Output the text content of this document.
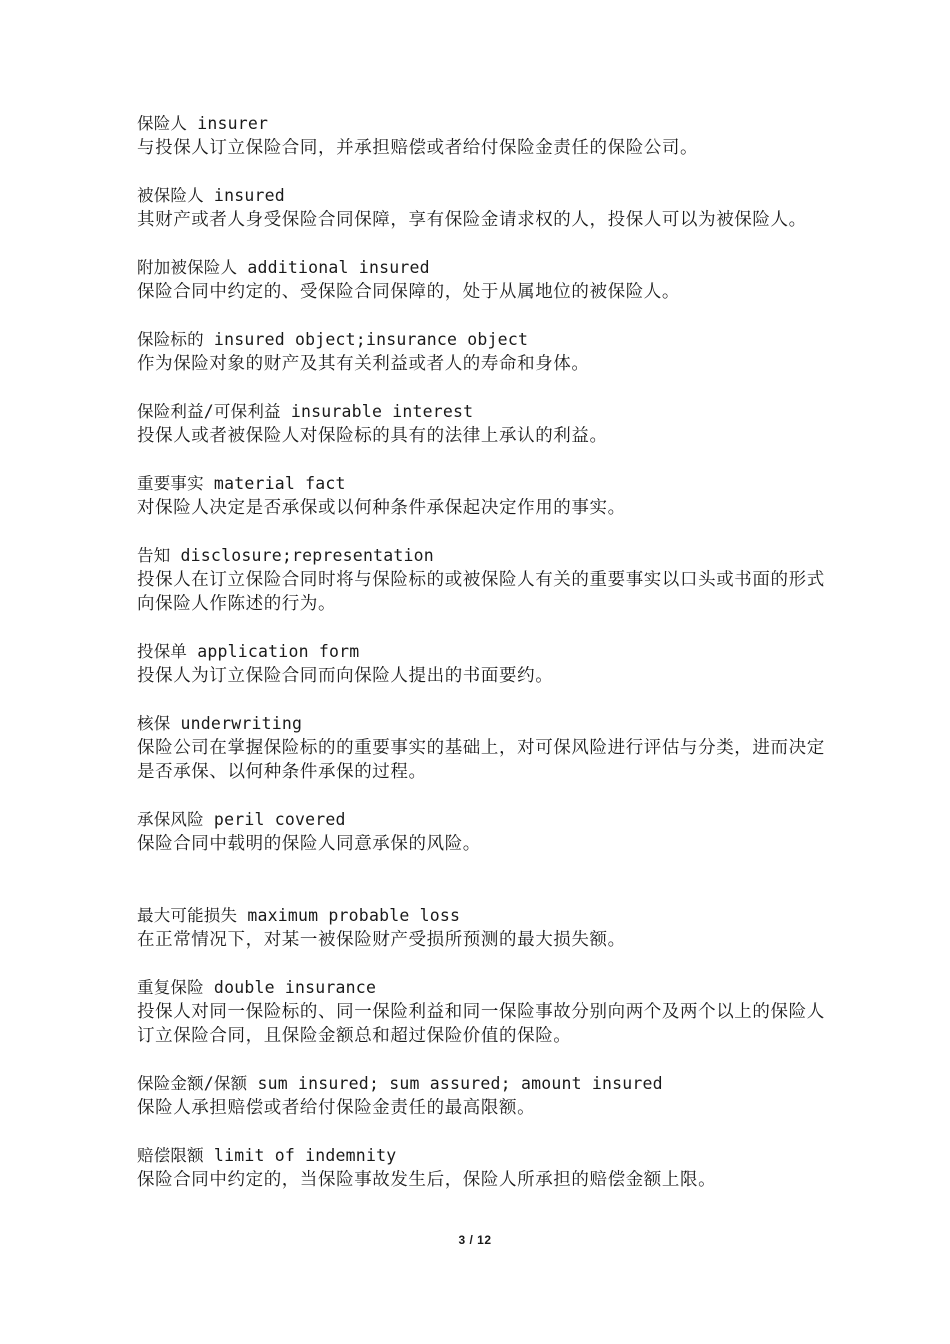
保险人 insurer
与投保人订立保险合同，并承担赔偿或者给付保险金责任的保险公司。
被保险人 insured
其财产或者人身受保险合同保障，享有保险金请求权的人，投保人可以为被保险人。
附加被保险人 additional insured
保险合同中约定的、受保险合同保障的，处于从属地位的被保险人。
保险标的 insured object;insurance object
作为保险对象的财产及其有关利益或者人的寿命和身体。
保险利益/可保利益 insurable interest
投保人或者被保险人对保险标的具有的法律上承认的利益。
重要事实 material fact
对保险人决定是否承保或以何种条件承保起决定作用的事实。
告知 disclosure;representation
投保人在订立保险合同时将与保险标的或被保险人有关的重要事实以口头或书面的形式向保险人作陈述的行为。
投保单 application form
投保人为订立保险合同而向保险人提出的书面要约。
核保 underwriting
保险公司在掌握保险标的的重要事实的基础上，对可保风险进行评估与分类，进而决定是否承保、以何种条件承保的过程。
承保风险 peril covered
保险合同中载明的保险人同意承保的风险。
最大可能损失 maximum probable loss
在正常情况下，对某一被保险财产受损所预测的最大损失额。
重复保险 double insurance
投保人对同一保险标的、同一保险利益和同一保险事故分别向两个及两个以上的保险人订立保险合同，且保险金额总和超过保险价值的保险。
保险金额/保额 sum insured; sum assured; amount insured
保险人承担赔偿或者给付保险金责任的最高限额。
赔偿限额 limit of indemnity
保险合同中约定的，当保险事故发生后，保险人所承担的赔偿金额上限。
3 / 12
